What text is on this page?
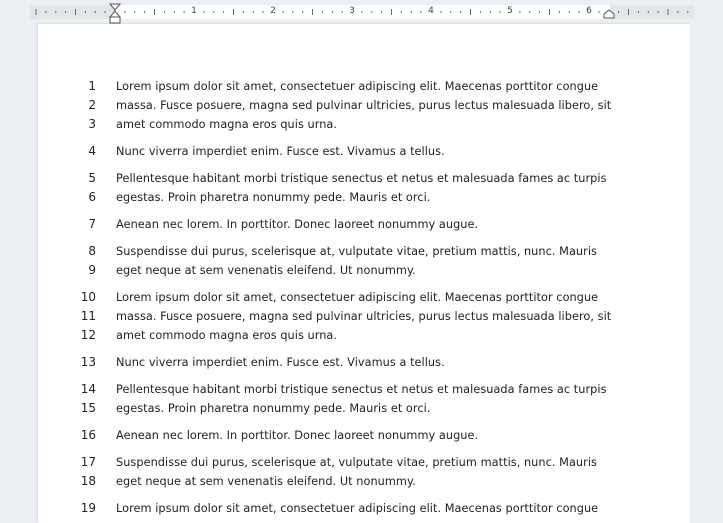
1	2	3	4	5	6
1 Lorem ipsum dolor sit amet, consectetuer adipiscing elit. Maecenas porttitor congue
2 massa. Fusce posuere, magna sed pulvinar ultricies, purus lectus malesuada libero, sit
3 amet commodo magna eros quis urna.
4 Nunc viverra imperdiet enim. Fusce est. Vivamus a tellus.
5 Pellentesque habitant morbi tristique senectus et netus et malesuada fames ac turpis
6 egestas. Proin pharetra nonummy pede. Mauris et orci.
7 Aenean nec lorem. In porttitor. Donec laoreet nonummy augue.
8 Suspendisse dui purus, scelerisque at, vulputate vitae, pretium mattis, nunc. Mauris
9 eget neque at sem venenatis eleifend. Ut nonummy.
10 Lorem ipsum dolor sit amet, consectetuer adipiscing elit. Maecenas porttitor congue
11 massa. Fusce posuere, magna sed pulvinar ultricies, purus lectus malesuada libero, sit
12 amet commodo magna eros quis urna.
13 Nunc viverra imperdiet enim. Fusce est. Vivamus a tellus.
14 Pellentesque habitant morbi tristique senectus et netus et malesuada fames ac turpis
15 egestas. Proin pharetra nonummy pede. Mauris et orci.
16 Aenean nec lorem. In porttitor. Donec laoreet nonummy augue.
17 Suspendisse dui purus, scelerisque at, vulputate vitae, pretium mattis, nunc. Mauris
18 eget neque at sem venenatis eleifend. Ut nonummy.
19 Lorem ipsum dolor sit amet, consectetuer adipiscing elit. Maecenas porttitor congue
